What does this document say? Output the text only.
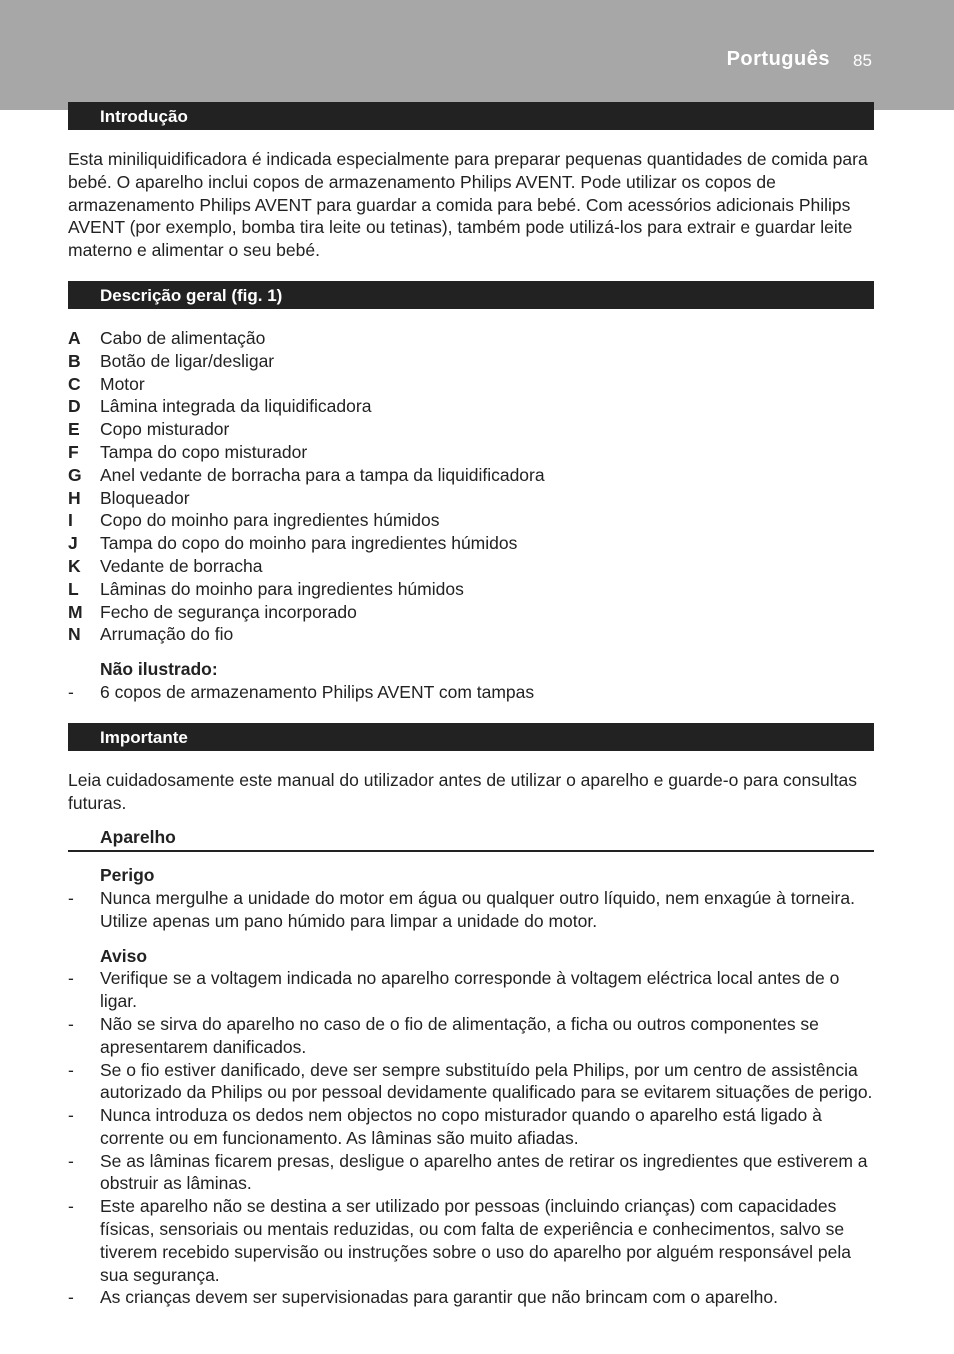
Português 85
Introdução

Esta miniliquidificadora é indicada especialmente para preparar pequenas quantidades de comida para bebé. O aparelho inclui copos de armazenamento Philips AVENT. Pode utilizar os copos de armazenamento Philips AVENT para guardar a comida para bebé. Com acessórios adicionais Philips AVENT (por exemplo, bomba tira leite ou tetinas), também pode utilizá-los para extrair e guardar leite materno e alimentar o seu bebé.

Descrição geral (fig. 1)
A	Cabo de alimentação
B	Botão de ligar/desligar
C	Motor
D	Lâmina integrada da liquidificadora
E	Copo misturador
F	Tampa do copo misturador
G	Anel vedante de borracha para a tampa da liquidificadora
H	Bloqueador
I	Copo do moinho para ingredientes húmidos
J	Tampa do copo do moinho para ingredientes húmidos
K	Vedante de borracha
L	Lâminas do moinho para ingredientes húmidos
M Fecho de segurança incorporado
N	Arrumação do fio
Não ilustrado:
-	6 copos de armazenamento Philips AVENT com tampas
Importante

Leia cuidadosamente este manual do utilizador antes de utilizar o aparelho e guarde-o para consultas futuras.

Aparelho
Perigo
-	Nunca mergulhe a unidade do motor em água ou qualquer outro líquido, nem enxagúe à torneira. Utilize apenas um pano húmido para limpar a unidade do motor.
Aviso
-	Verifique se a voltagem indicada no aparelho corresponde à voltagem eléctrica local antes de o ligar.
-	Não se sirva do aparelho no caso de o fio de alimentação, a ficha ou outros componentes se apresentarem danificados.
-	Se o fio estiver danificado, deve ser sempre substituído pela Philips, por um centro de assistência autorizado da Philips ou por pessoal devidamente qualificado para se evitarem situações de perigo.
-	Nunca introduza os dedos nem objectos no copo misturador quando o aparelho está ligado à corrente ou em funcionamento. As lâminas são muito afiadas.
-	Se as lâminas ficarem presas, desligue o aparelho antes de retirar os ingredientes que estiverem a obstruir as lâminas.
-	Este aparelho não se destina a ser utilizado por pessoas (incluindo crianças) com capacidades físicas, sensoriais ou mentais reduzidas, ou com falta de experiência e conhecimentos, salvo se tiverem recebido supervisão ou instruções sobre o uso do aparelho por alguém responsável pela sua segurança.
-	As crianças devem ser supervisionadas para garantir que não brincam com o aparelho.
